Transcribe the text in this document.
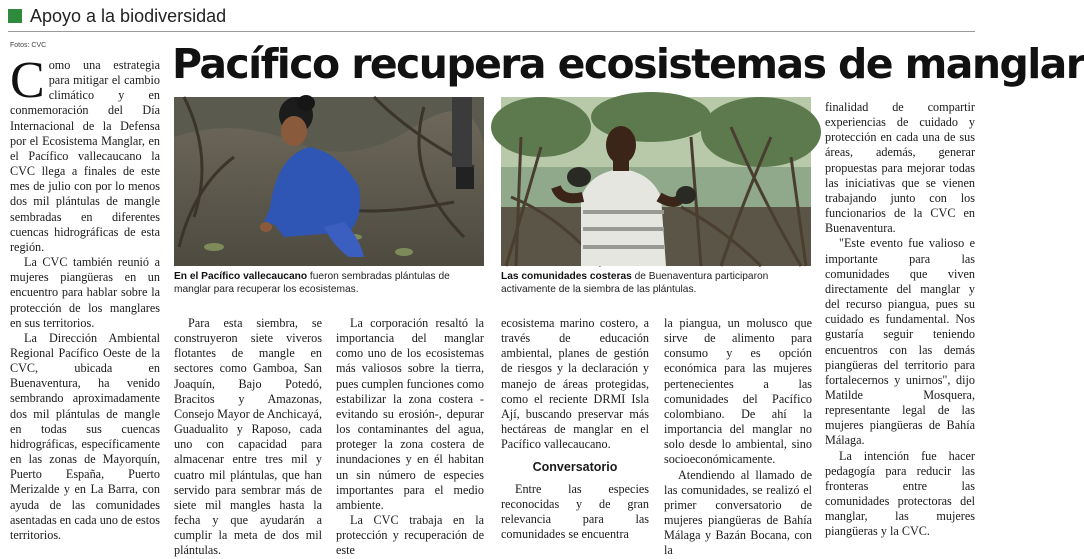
Apoyo a la biodiversidad
Fotos: CVC	Pacífico recupera ecosistemas de manglar

Como una estrategia para mitigar el cambio climático y en conmemoración del Día Internacional de la Defensa por el Ecosistema Manglar, en el Pacífico vallecaucano la CVC llega a finales de este mes de julio con por lo menos dos mil plántulas de mangle sembradas en diferentes cuencas hidrográficas de esta región.

La CVC también reunió a mujeres piangüeras en un encuentro para hablar sobre la protección de los manglares en sus territorios.

La Dirección Ambiental Regional Pacífico Oeste de la CVC, ubicada en Buenaventura, ha venido sembrando aproximadamente dos mil plántulas de mangle en todas sus cuencas hidrográficas, específicamente en las zonas de Mayorquín, Puerto España, Puerto Merizalde y en La Barra, con ayuda de las comunidades asentadas en cada uno de estos territorios.

En el Pacífico vallecaucano fueron sembradas plántulas de manglar para recuperar los ecosistemas.
Las comunidades costeras de Buenaventura participaron activamente de la siembra de las plántulas.

Para esta siembra, se construyeron siete viveros flotantes de mangle en sectores como Gamboa, San Joaquín, Bajo Potedó, Bracitos y Amazonas, Consejo Mayor de Anchicayá, Guadualito y Raposo, cada uno con capacidad para almacenar entre tres mil y cuatro mil plántulas, que han servido para sembrar más de siete mil mangles hasta la fecha y que ayudarán a cumplir la meta de dos mil plántulas.

La corporación resaltó la importancia del manglar como uno de los ecosistemas más valiosos sobre la tierra, pues cumplen funciones como estabilizar la zona costera -evitando su erosión-, depurar los contaminantes del agua, proteger la zona costera de inundaciones y en él habitan un sin número de especies importantes para el medio ambiente.

La CVC trabaja en la protección y recuperación de este

ecosistema marino costero, a través de educación ambiental, planes de gestión de riesgos y la declaración y manejo de áreas protegidas, como el reciente DRMI Isla Ají, buscando preservar más hectáreas de manglar en el Pacífico vallecaucano.

Conversatorio

Entre las especies reconocidas y de gran relevancia para las comunidades se encuentra

la piangua, un molusco que sirve de alimento para consumo y es opción económica para las mujeres pertenecientes a las comunidades del Pacífico colombiano. De ahí la importancia del manglar no solo desde lo ambiental, sino socioeconómicamente.

Atendiendo al llamado de las comunidades, se realizó el primer conversatorio de mujeres piangüeras de Bahía Málaga y Bazán Bocana, con la

finalidad de compartir experiencias de cuidado y protección en cada una de sus áreas, además, generar propuestas para mejorar todas las iniciativas que se vienen trabajando junto con los funcionarios de la CVC en Buenaventura.

"Este evento fue valioso e importante para las comunidades que viven directamente del manglar y del recurso piangua, pues su cuidado es fundamental. Nos gustaría seguir teniendo encuentros con las demás piangüeras del territorio para fortalecernos y unirnos", dijo Matilde Mosquera, representante legal de las mujeres piangüeras de Bahía Málaga.

La intención fue hacer pedagogía para reducir las fronteras entre las comunidades protectoras del manglar, las mujeres piangüeras y la CVC.
